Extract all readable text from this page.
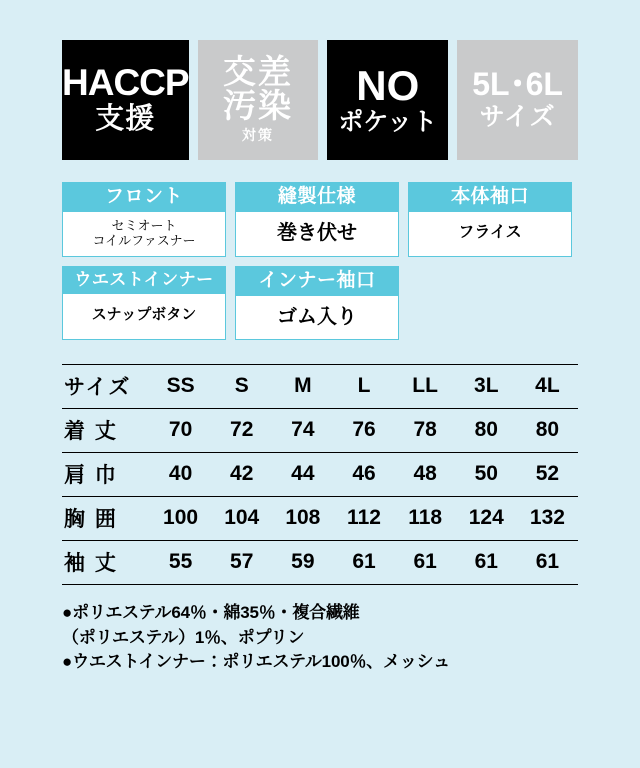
HACCP
支援
交差
汚染
対策
NO
ポケット
5L･6L
サイズ
フロント
セミオート
コイルファスナー
縫製仕様
巻き伏せ
本体袖口
フライス
ウエストインナー
スナップボタン
インナー袖口
ゴム入り
サイズ	SS	S	M	L	LL	3L	4L
着 丈	70	72	74	76	78	80	80
肩 巾	40	42	44	46	48	50	52
胸 囲	100	104	108	112	118	124	132
袖 丈	55	57	59	61	61	61	61

●ポリエステル64％・綿35％・複合繊維

（ポリエステル）1％、ポプリン

●ウエストインナー：ポリエステル100％、メッシュ
